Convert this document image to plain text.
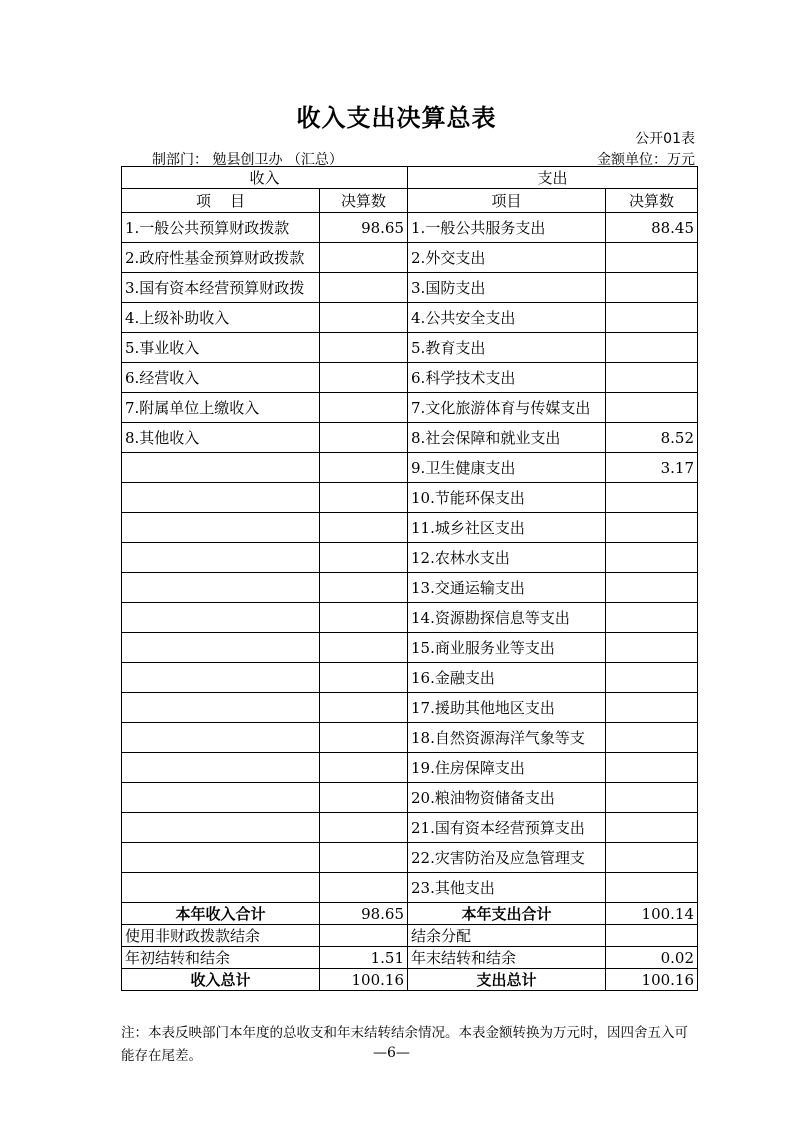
收入支出决算总表
公开01表
制部门： 勉县创卫办 （汇总）	金额单位：万元
收入		支出	
项    目	决算数	项目	决算数
1.一般公共预算财政拨款	98.65	1.一般公共服务支出	88.45
2.政府性基金预算财政拨款		2.外交支出	
3.国有资本经营预算财政拨		3.国防支出	
4.上级补助收入		4.公共安全支出	
5.事业收入		5.教育支出	
6.经营收入		6.科学技术支出	
7.附属单位上缴收入		7.文化旅游体育与传媒支出	
8.其他收入		8.社会保障和就业支出	8.52
		9.卫生健康支出	3.17
		10.节能环保支出	
		11.城乡社区支出	
		12.农林水支出	
		13.交通运输支出	
		14.资源勘探信息等支出	
		15.商业服务业等支出	
		16.金融支出	
		17.援助其他地区支出	
		18.自然资源海洋气象等支	
		19.住房保障支出	
		20.粮油物资储备支出	
		21.国有资本经营预算支出	
		22.灾害防治及应急管理支	
		23.其他支出	
本年收入合计	98.65	本年支出合计	100.14
使用非财政拨款结余		结余分配	
年初结转和结余	1.51	年末结转和结余	0.02
收入总计	100.16	支出总计	100.16
注：本表反映部门本年度的总收支和年末结转结余情况。本表金额转换为万元时，因四舍五入可能存在尾差。	—6—
